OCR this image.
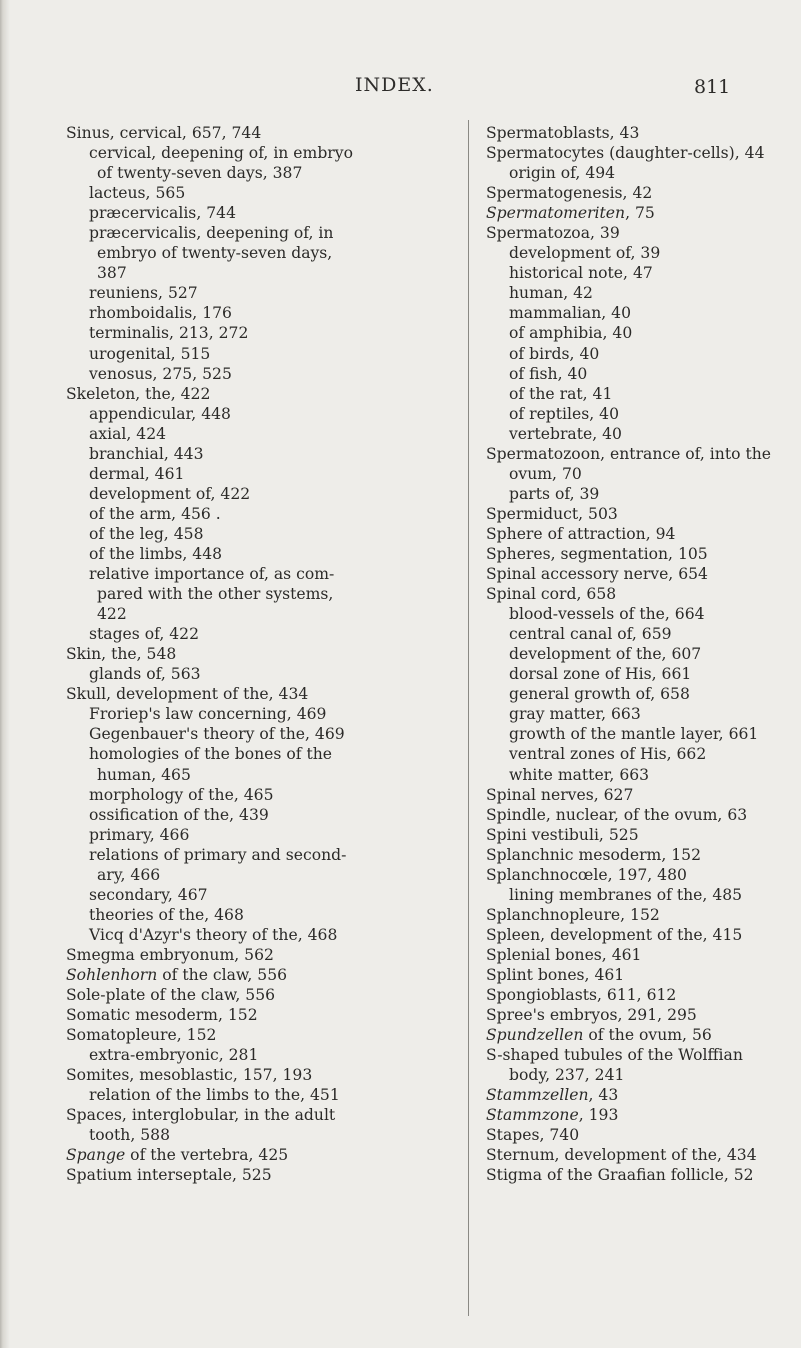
INDEX.	811
Sinus, cervical, 657, 744
cervical, deepening of, in embryo
of twenty-seven days, 387
lacteus, 565
præcervicalis, 744
præcervicalis, deepening of, in
embryo of twenty-seven days,
387
reuniens, 527
rhomboidalis, 176
terminalis, 213, 272
urogenital, 515
venosus, 275, 525
Skeleton, the, 422
appendicular, 448
axial, 424
branchial, 443
dermal, 461
development of, 422
of the arm, 456 .
of the leg, 458
of the limbs, 448
relative importance of, as com-
pared with the other systems,
422
stages of, 422
Skin, the, 548
glands of, 563
Skull, development of the, 434
Froriep's law concerning, 469
Gegenbauer's theory of the, 469
homologies of the bones of the
human, 465
morphology of the, 465
ossification of the, 439
primary, 466
relations of primary and second-
ary, 466
secondary, 467
theories of the, 468
Vicq d'Azyr's theory of the, 468
Smegma embryonum, 562
Sohlenhorn of the claw, 556
Sole-plate of the claw, 556
Somatic mesoderm, 152
Somatopleure, 152
extra-embryonic, 281
Somites, mesoblastic, 157, 193
relation of the limbs to the, 451
Spaces, interglobular, in the adult
tooth, 588
Spange of the vertebra, 425
Spatium interseptale, 525
Spermatoblasts, 43
Spermatocytes (daughter-cells), 44
origin of, 494
Spermatogenesis, 42
Spermatomeriten, 75
Spermatozoa, 39
development of, 39
historical note, 47
human, 42
mammalian, 40
of amphibia, 40
of birds, 40
of fish, 40
of the rat, 41
of reptiles, 40
vertebrate, 40
Spermatozoon, entrance of, into the
ovum, 70
parts of, 39
Spermiduct, 503
Sphere of attraction, 94
Spheres, segmentation, 105
Spinal accessory nerve, 654
Spinal cord, 658
blood-vessels of the, 664
central canal of, 659
development of the, 607
dorsal zone of His, 661
general growth of, 658
gray matter, 663
growth of the mantle layer, 661
ventral zones of His, 662
white matter, 663
Spinal nerves, 627
Spindle, nuclear, of the ovum, 63
Spini vestibuli, 525
Splanchnic mesoderm, 152
Splanchnocœle, 197, 480
lining membranes of the, 485
Splanchnopleure, 152
Spleen, development of the, 415
Splenial bones, 461
Splint bones, 461
Spongioblasts, 611, 612
Spree's embryos, 291, 295
Spundzellen of the ovum, 56
S-shaped tubules of the Wolffian
body, 237, 241
Stammzellen, 43
Stammzone, 193
Stapes, 740
Sternum, development of the, 434
Stigma of the Graafian follicle, 52
